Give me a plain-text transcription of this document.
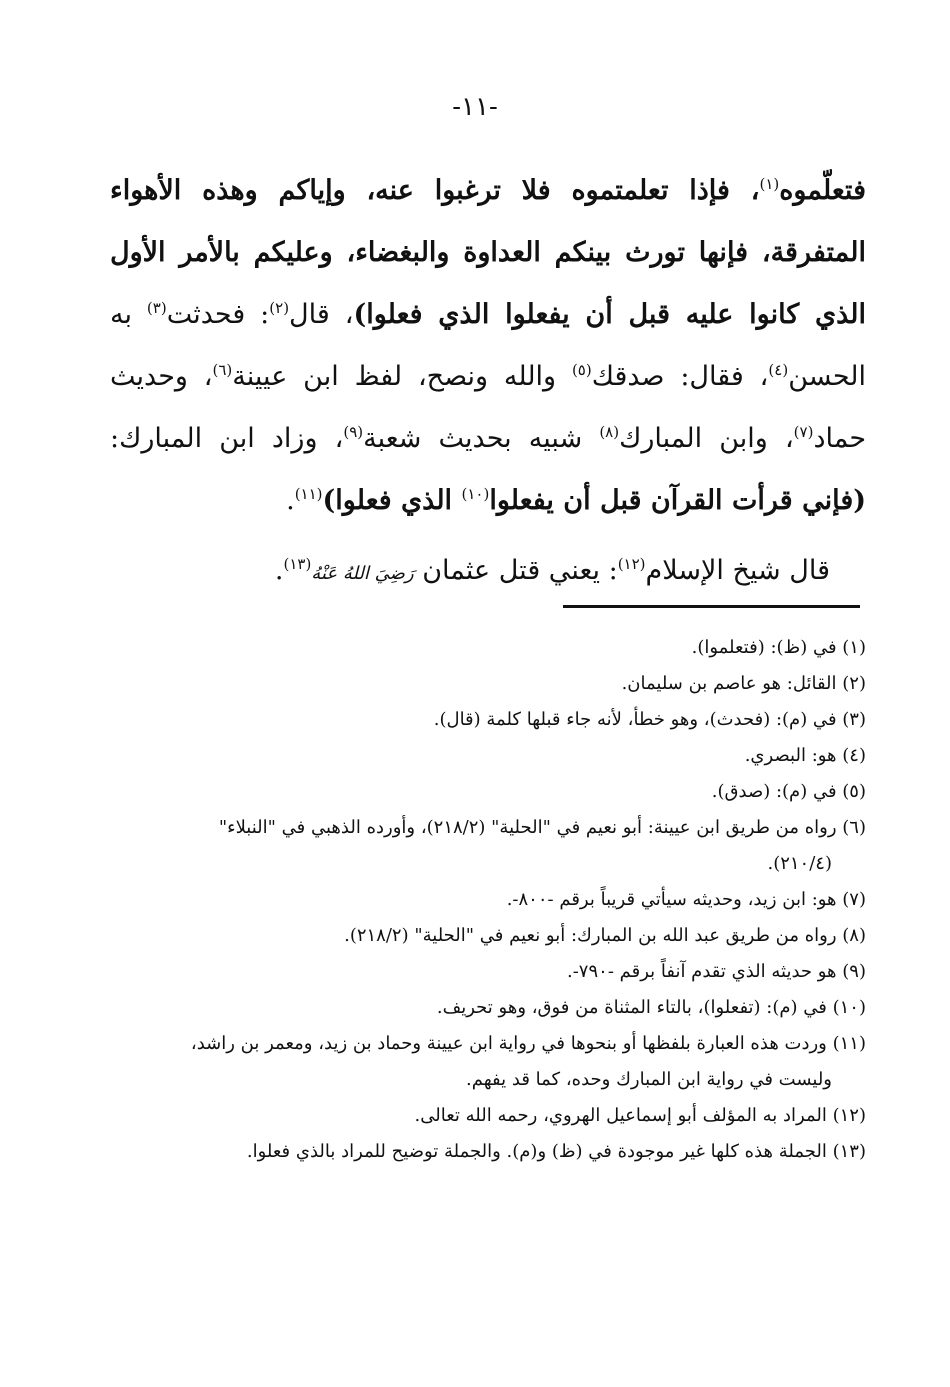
-١١-

فتعلّموه$^{(١)}$، فإذا تعلمتموه فلا ترغبوا عنه، وإياكم وهذه الأهواء المتفرقة، فإنها تورث بينكم العداوة والبغضاء، وعليكم بالأمر الأول الذي كانوا عليه قبل أن يفعلوا الذي فعلوا)، قال$^{(٢)}$: فحدثت$^{(٣)}$ به الحسن$^{(٤)}$، فقال: صدقك$^{(٥)}$ والله ونصح، لفظ ابن عيينة$^{(٦)}$، وحديث حماد$^{(٧)}$، وابن المبارك$^{(٨)}$ شبيه بحديث شعبة$^{(٩)}$، وزاد ابن المبارك: (فإني قرأت القرآن قبل أن يفعلوا$^{(١٠)}$ الذي فعلوا)$^{(١١)}$.

قال شيخ الإسلام$^{(١٢)}$: يعني قتل عثمان رَضِيَ اللهُ عَنْهُ$^{(١٣)}$.

(١) في (ظ): (فتعلموا).

(٢) القائل: هو عاصم بن سليمان.

(٣) في (م): (فحدث)، وهو خطأ، لأنه جاء قبلها كلمة (قال).

(٤) هو: البصري.

(٥) في (م): (صدق).

(٦) رواه من طريق ابن عيينة: أبو نعيم في "الحلية" (٢١٨/٢)، وأورده الذهبي في "النبلاء"
(٢١٠/٤).

(٧) هو: ابن زيد، وحديثه سيأتي قريباً برقم -٨٠٠-.

(٨) رواه من طريق عبد الله بن المبارك: أبو نعيم في "الحلية" (٢١٨/٢).

(٩) هو حديثه الذي تقدم آنفاً برقم -٧٩٠-.

(١٠) في (م): (تفعلوا)، بالتاء المثناة من فوق، وهو تحريف.

(١١) وردت هذه العبارة بلفظها أو بنحوها في رواية ابن عيينة وحماد بن زيد، ومعمر بن راشد،
وليست في رواية ابن المبارك وحده، كما قد يفهم.

(١٢) المراد به المؤلف أبو إسماعيل الهروي، رحمه الله تعالى.

(١٣) الجملة هذه كلها غير موجودة في (ظ) و(م). والجملة توضيح للمراد بالذي فعلوا.
